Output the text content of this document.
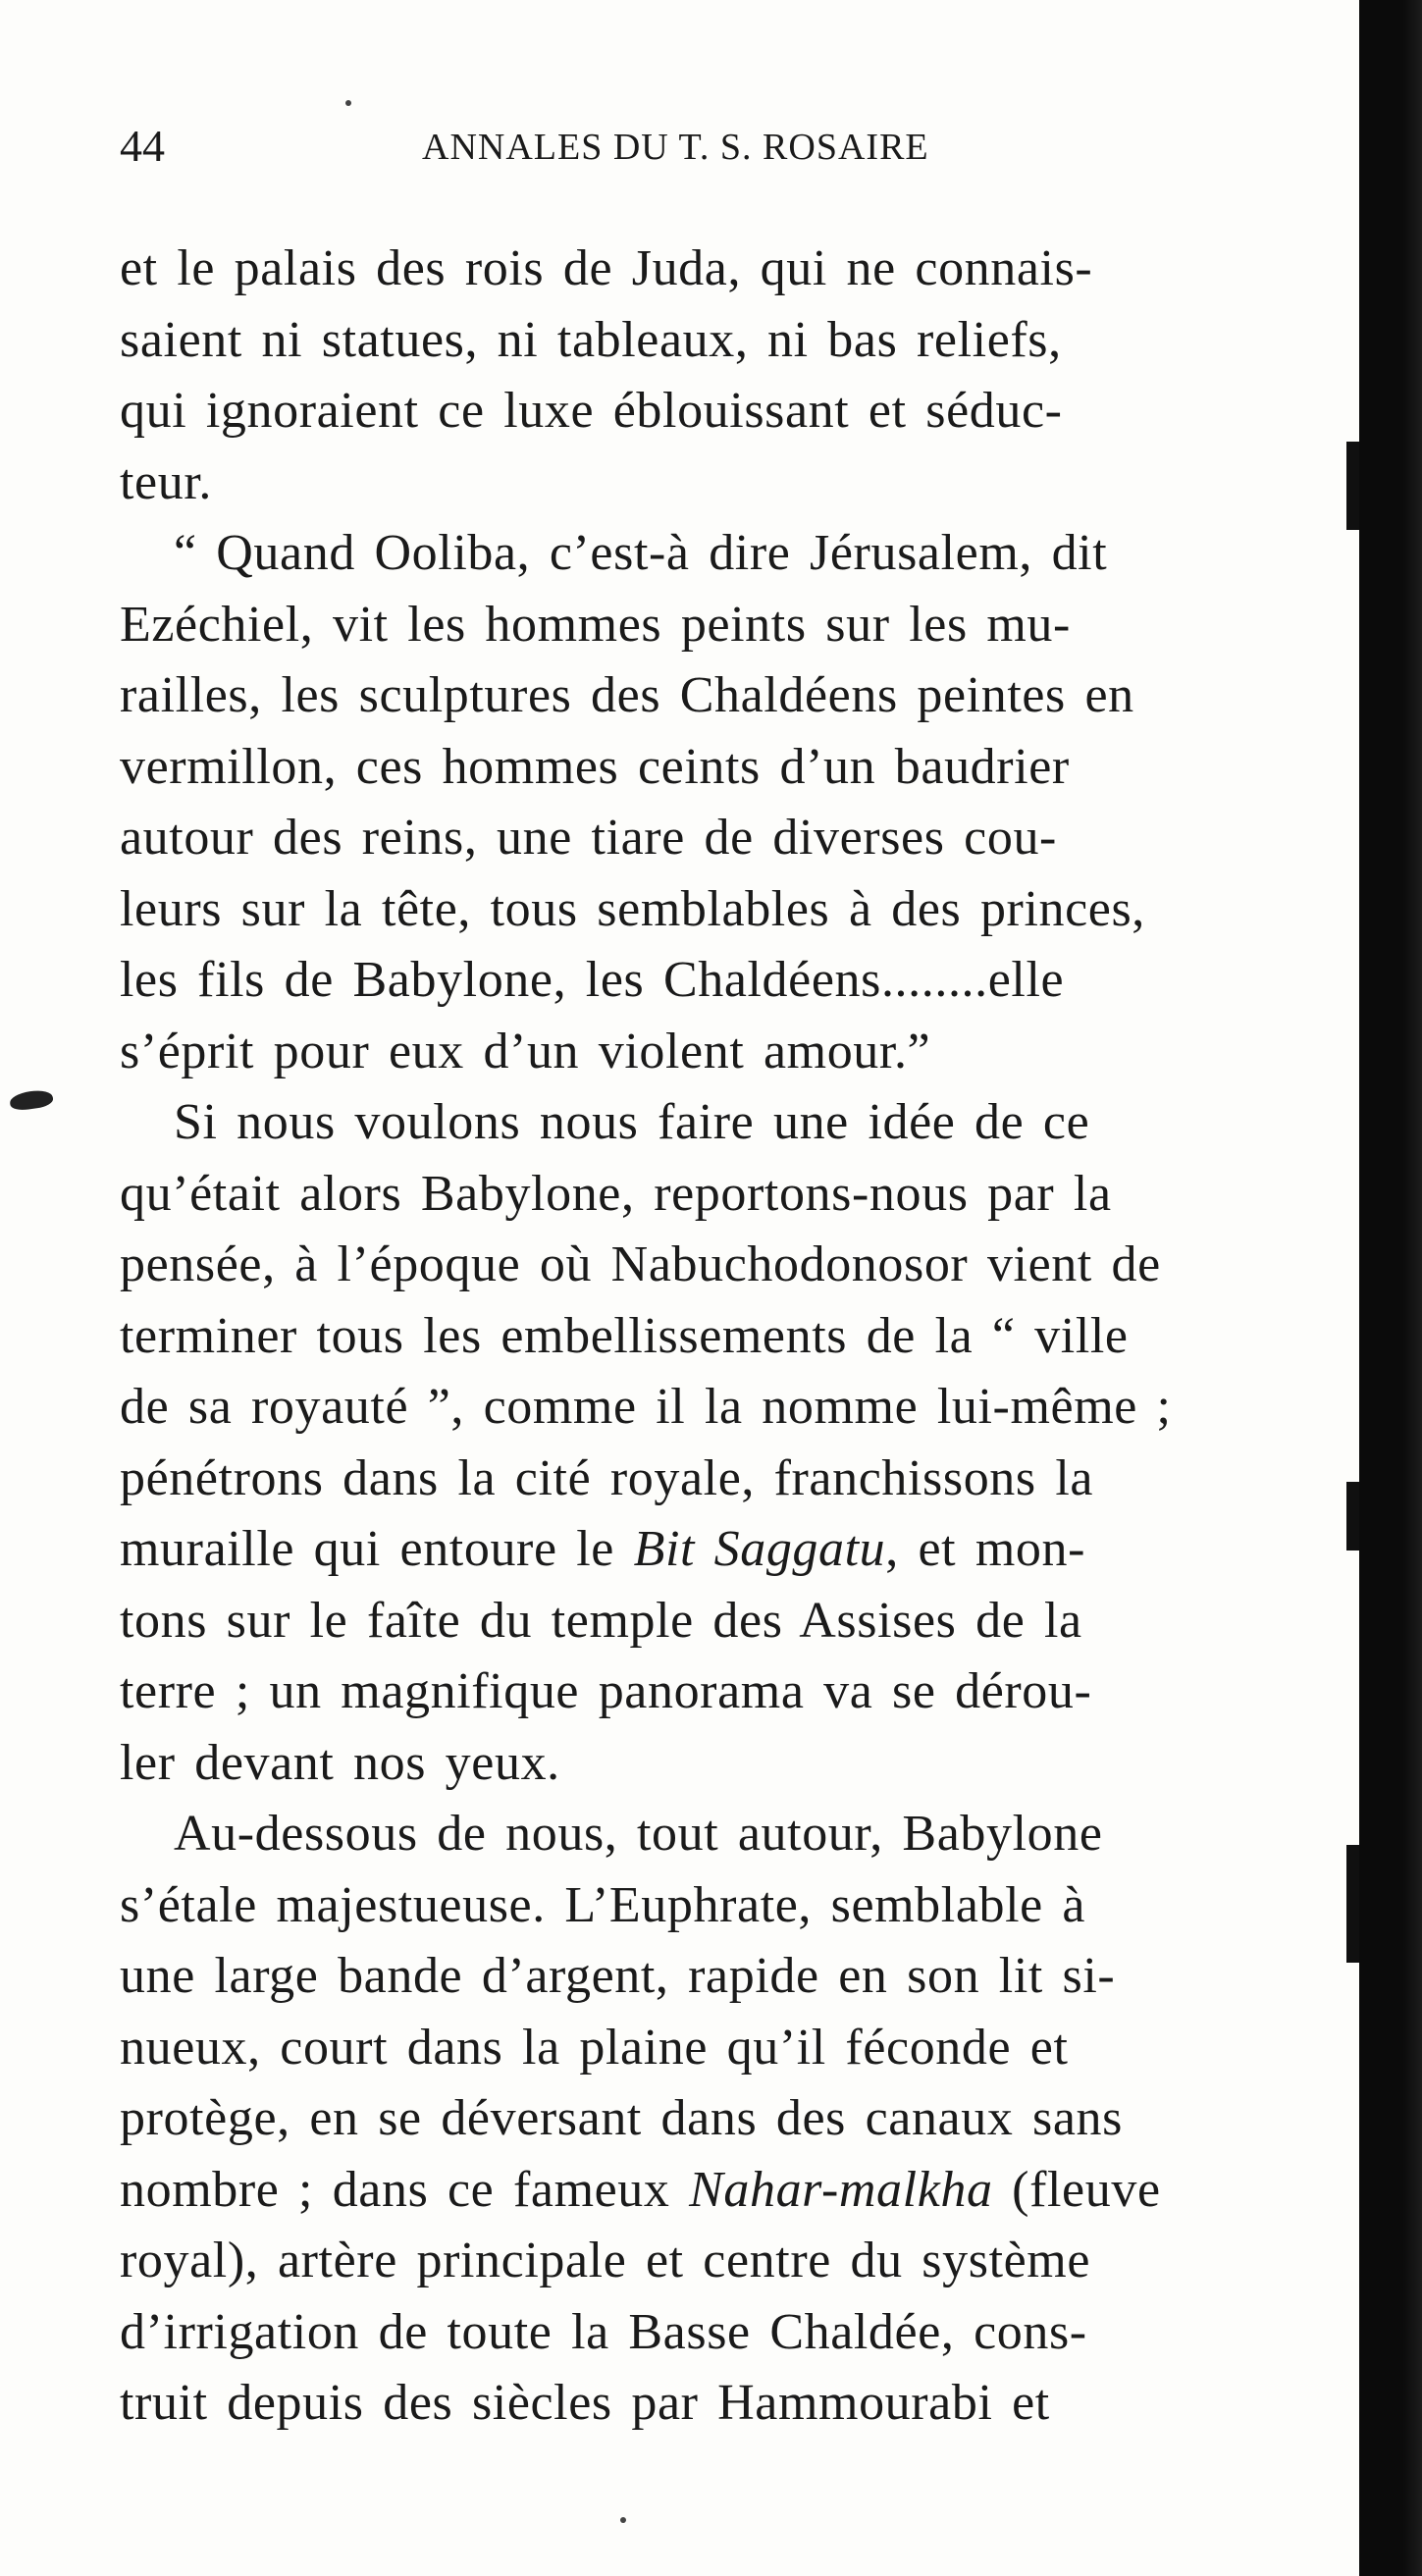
44	ANNALES DU T. S. ROSAIRE
et le palais des rois de Juda, qui ne connais-
saient ni statues, ni tableaux, ni bas reliefs,
qui ignoraient ce luxe éblouissant et séduc-
teur.
“ Quand Ooliba, c’est-à dire Jérusalem, dit
Ezéchiel, vit les hommes peints sur les mu-
railles, les sculptures des Chaldéens peintes en
vermillon, ces hommes ceints d’un baudrier
autour des reins, une tiare de diverses cou-
leurs sur la tête, tous semblables à des princes,
les fils de Babylone, les Chaldéens........elle
s’éprit pour eux d’un violent amour.”
Si nous voulons nous faire une idée de ce
qu’était alors Babylone, reportons-nous par la
pensée, à l’époque où Nabuchodonosor vient de
terminer tous les embellissements de la “ ville
de sa royauté ”, comme il la nomme lui-même ;
pénétrons dans la cité royale, franchissons la
muraille qui entoure le Bit Saggatu, et mon-
tons sur le faîte du temple des Assises de la
terre ; un magnifique panorama va se dérou-
ler devant nos yeux.
Au-dessous de nous, tout autour, Babylone
s’étale majestueuse. L’Euphrate, semblable à
une large bande d’argent, rapide en son lit si-
nueux, court dans la plaine qu’il féconde et
protège, en se déversant dans des canaux sans
nombre ; dans ce fameux Nahar-malkha (fleuve
royal), artère principale et centre du système
d’irrigation de toute la Basse Chaldée, cons-
truit depuis des siècles par Hammourabi et
